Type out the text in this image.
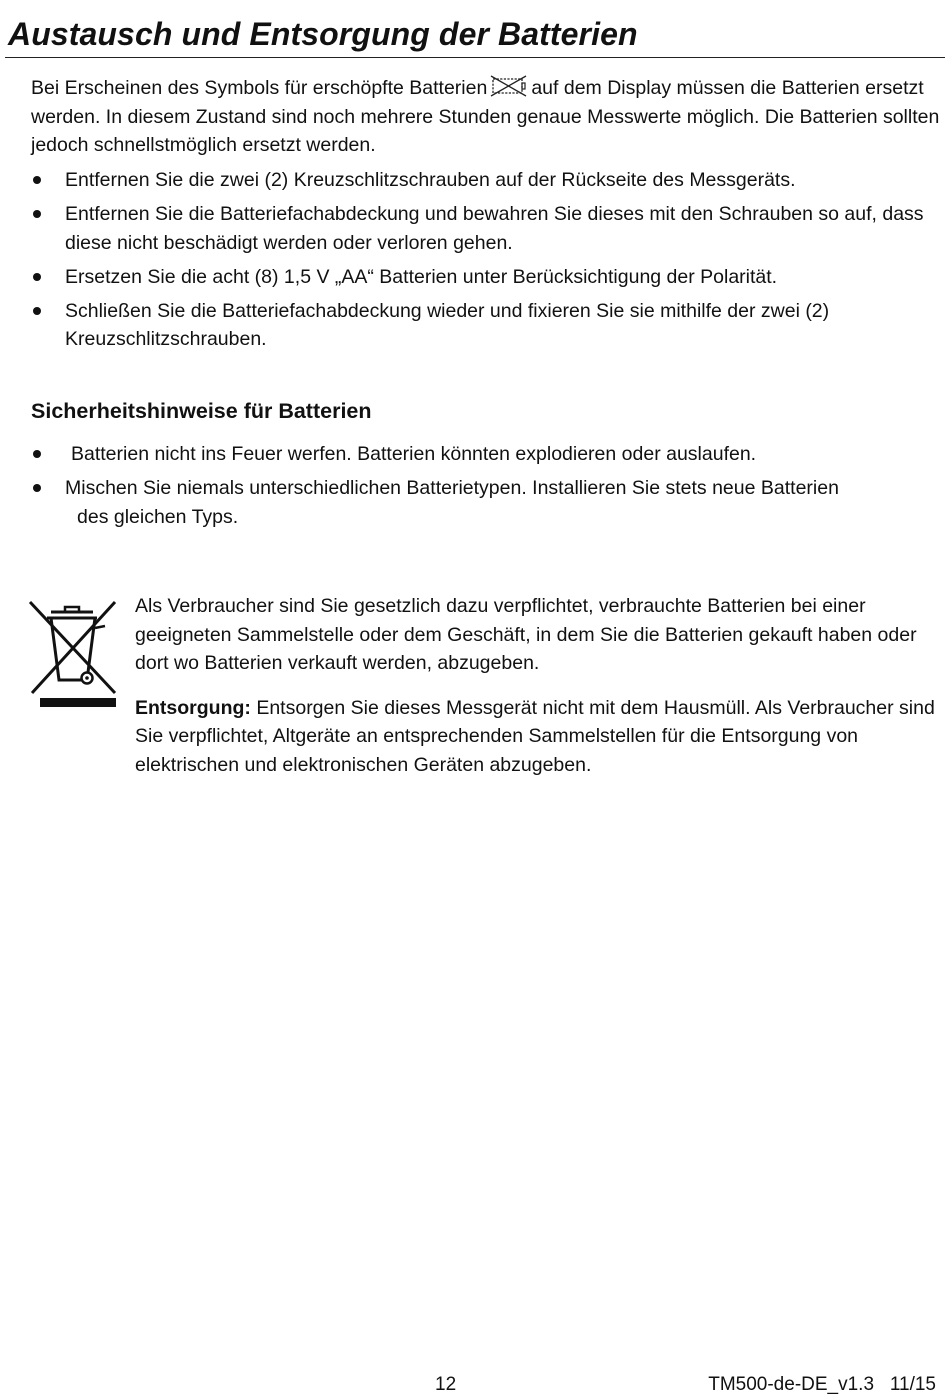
Austausch und Entsorgung der Batterien

Bei Erscheinen des Symbols für erschöpfte Batterien auf dem Display müssen die Batterien ersetzt werden. In diesem Zustand sind noch mehrere Stunden genaue Messwerte möglich. Die Batterien sollten jedoch schnellstmöglich ersetzt werden.

Entfernen Sie die zwei (2) Kreuzschlitzschrauben auf der Rückseite des Messgeräts.
Entfernen Sie die Batteriefachabdeckung und bewahren Sie dieses mit den Schrauben so auf, dass diese nicht beschädigt werden oder verloren gehen.
Ersetzen Sie die acht (8) 1,5 V „AA“ Batterien unter Berücksichtigung der Polarität.
Schließen Sie die Batteriefachabdeckung wieder und fixieren Sie sie mithilfe der zwei (2) Kreuzschlitzschrauben.
Sicherheitshinweise für Batterien
Batterien nicht ins Feuer werfen. Batterien könnten explodieren oder auslaufen.
Mischen Sie niemals unterschiedlichen Batterietypen. Installieren Sie stets neue Batterien
des gleichen Typs.

Als Verbraucher sind Sie gesetzlich dazu verpflichtet, verbrauchte Batterien bei einer geeigneten Sammelstelle oder dem Geschäft, in dem Sie die Batterien gekauft haben oder dort wo Batterien verkauft werden, abzugeben.

Entsorgung: Entsorgen Sie dieses Messgerät nicht mit dem Hausmüll. Als Verbraucher sind Sie verpflichtet, Altgeräte an entsprechenden Sammelstellen für die Entsorgung von elektrischen und elektronischen Geräten abzugeben.

12	TM500-de-DE_v1.3   11/15
